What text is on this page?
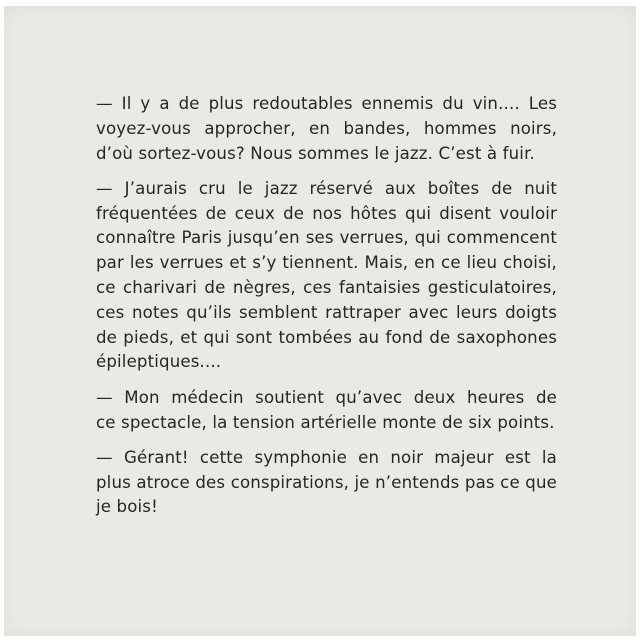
— Il y a de plus redoutables ennemis du vin.... Les
voyez-vous approcher, en bandes, hommes noirs,
d’où sortez-vous? Nous sommes le jazz. C’est à fuir.
— J’aurais cru le jazz réservé aux boîtes de nuit
fréquentées de ceux de nos hôtes qui disent vouloir
connaître Paris jusqu’en ses verrues, qui commencent
par les verrues et s’y tiennent. Mais, en ce lieu choisi,
ce charivari de nègres, ces fantaisies gesticulatoires,
ces notes qu’ils semblent rattraper avec leurs doigts
de pieds, et qui sont tombées au fond de saxophones
épileptiques....
— Mon médecin soutient qu’avec deux heures de
ce spectacle, la tension artérielle monte de six points.
— Gérant! cette symphonie en noir majeur est la
plus atroce des conspirations, je n’entends pas ce que
je bois!
